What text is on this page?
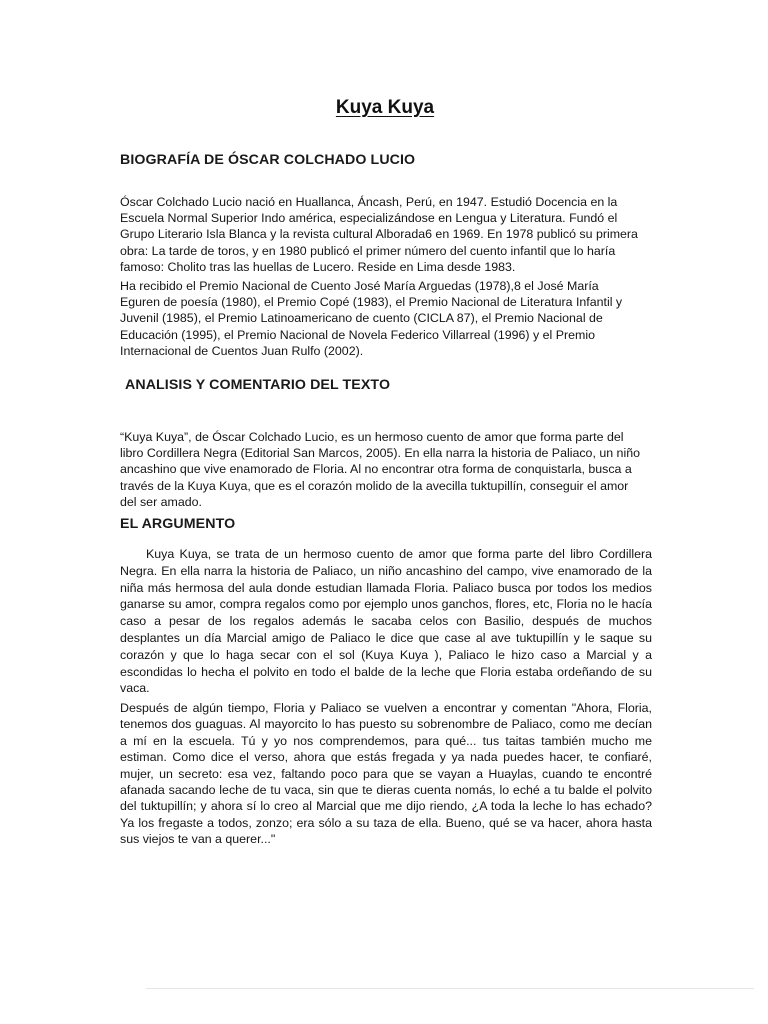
Kuya Kuya
BIOGRAFÍA DE ÓSCAR COLCHADO LUCIO

Óscar Colchado Lucio nació en Huallanca, Áncash, Perú, en 1947. Estudió Docencia en la Escuela Normal Superior Indo américa, especializándose en Lengua y Literatura. Fundó el Grupo Literario Isla Blanca y la revista cultural Alborada6 en 1969. En 1978 publicó su primera obra: La tarde de toros, y en 1980 publicó el primer número del cuento infantil que lo haría famoso: Cholito tras las huellas de Lucero. Reside en Lima desde 1983.

Ha recibido el Premio Nacional de Cuento José María Arguedas (1978),8 el José María Eguren de poesía (1980), el Premio Copé (1983), el Premio Nacional de Literatura Infantil y Juvenil (1985), el Premio Latinoamericano de cuento (CICLA 87), el Premio Nacional de Educación (1995), el Premio Nacional de Novela Federico Villarreal (1996) y el Premio Internacional de Cuentos Juan Rulfo (2002).

ANALISIS Y COMENTARIO DEL TEXTO

“Kuya Kuya”, de Óscar Colchado Lucio, es un hermoso cuento de amor que forma parte del libro Cordillera Negra (Editorial San Marcos, 2005). En ella narra la historia de Paliaco, un niño ancashino que vive enamorado de Floria. Al no encontrar otra forma de conquistarla, busca a través de la Kuya Kuya, que es el corazón molido de la avecilla tuktupillín, conseguir el amor del ser amado.

EL ARGUMENTO

Kuya Kuya, se trata de un hermoso cuento de amor que forma parte del libro Cordillera Negra. En ella narra la historia de Paliaco, un niño ancashino del campo, vive enamorado de la niña más hermosa del aula donde estudian llamada Floria. Paliaco busca por todos los medios ganarse su amor, compra regalos como por ejemplo unos ganchos, flores, etc, Floria no le hacía caso a pesar de los regalos además le sacaba celos con Basilio, después de muchos desplantes un día Marcial amigo de Paliaco le dice que case al ave tuktupillín y le saque su corazón y que lo haga secar con el sol (Kuya Kuya ), Paliaco le hizo caso a Marcial y a escondidas lo hecha el polvito en todo el balde de la leche que Floria estaba ordeñando de su vaca.

Después de algún tiempo, Floria y Paliaco se vuelven a encontrar y comentan "Ahora, Floria, tenemos dos guaguas. Al mayorcito lo has puesto su sobrenombre de Paliaco, como me decían a mí en la escuela. Tú y yo nos comprendemos, para qué... tus taitas también mucho me estiman. Como dice el verso, ahora que estás fregada y ya nada puedes hacer, te confiaré, mujer, un secreto: esa vez, faltando poco para que se vayan a Huaylas, cuando te encontré afanada sacando leche de tu vaca, sin que te dieras cuenta nomás, lo eché a tu balde el polvito del tuktupillín; y ahora sí lo creo al Marcial que me dijo riendo, ¿A toda la leche lo has echado? Ya los fregaste a todos, zonzo; era sólo a su taza de ella. Bueno, qué se va hacer, ahora hasta sus viejos te van a querer..."
